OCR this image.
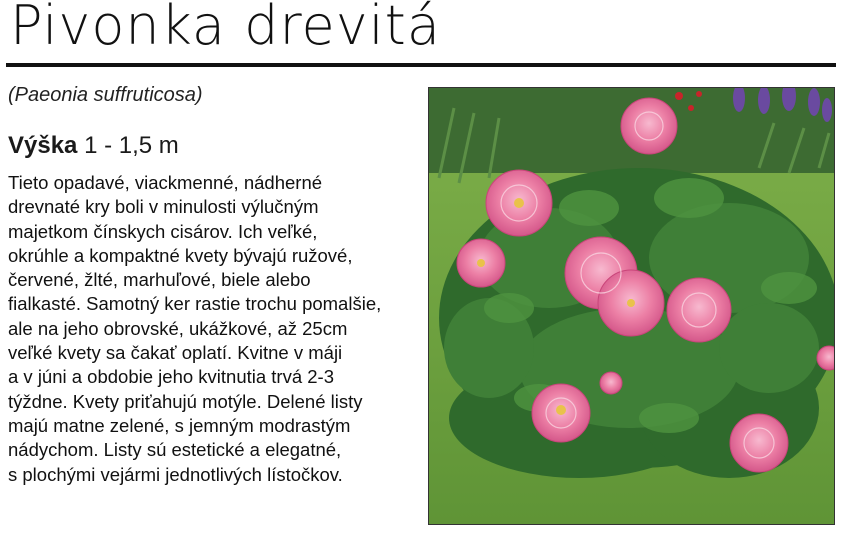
Pivonka drevitá
(Paeonia suffruticosa)
Výška 1 - 1,5 m
Tieto opadavé, viackmenné, nádherné
drevnaté kry boli v minulosti výlučným
majetkom čínskych cisárov. Ich veľké,
okrúhle a kompaktné kvety bývajú ružové,
červené, žlté, marhuľové, biele alebo
fialkasté. Samotný ker rastie trochu pomalšie,
ale na jeho obrovské, ukážkové, až 25cm
veľké kvety sa čakať oplatí. Kvitne v máji
a v júni a obdobie jeho kvitnutia trvá 2-3
týždne. Kvety priťahujú motýle. Delené listy
majú matne zelené, s jemným modrastým
nádychom. Listy sú estetické a elegatné,
s plochými vejármi jednotlivých lístočkov.
